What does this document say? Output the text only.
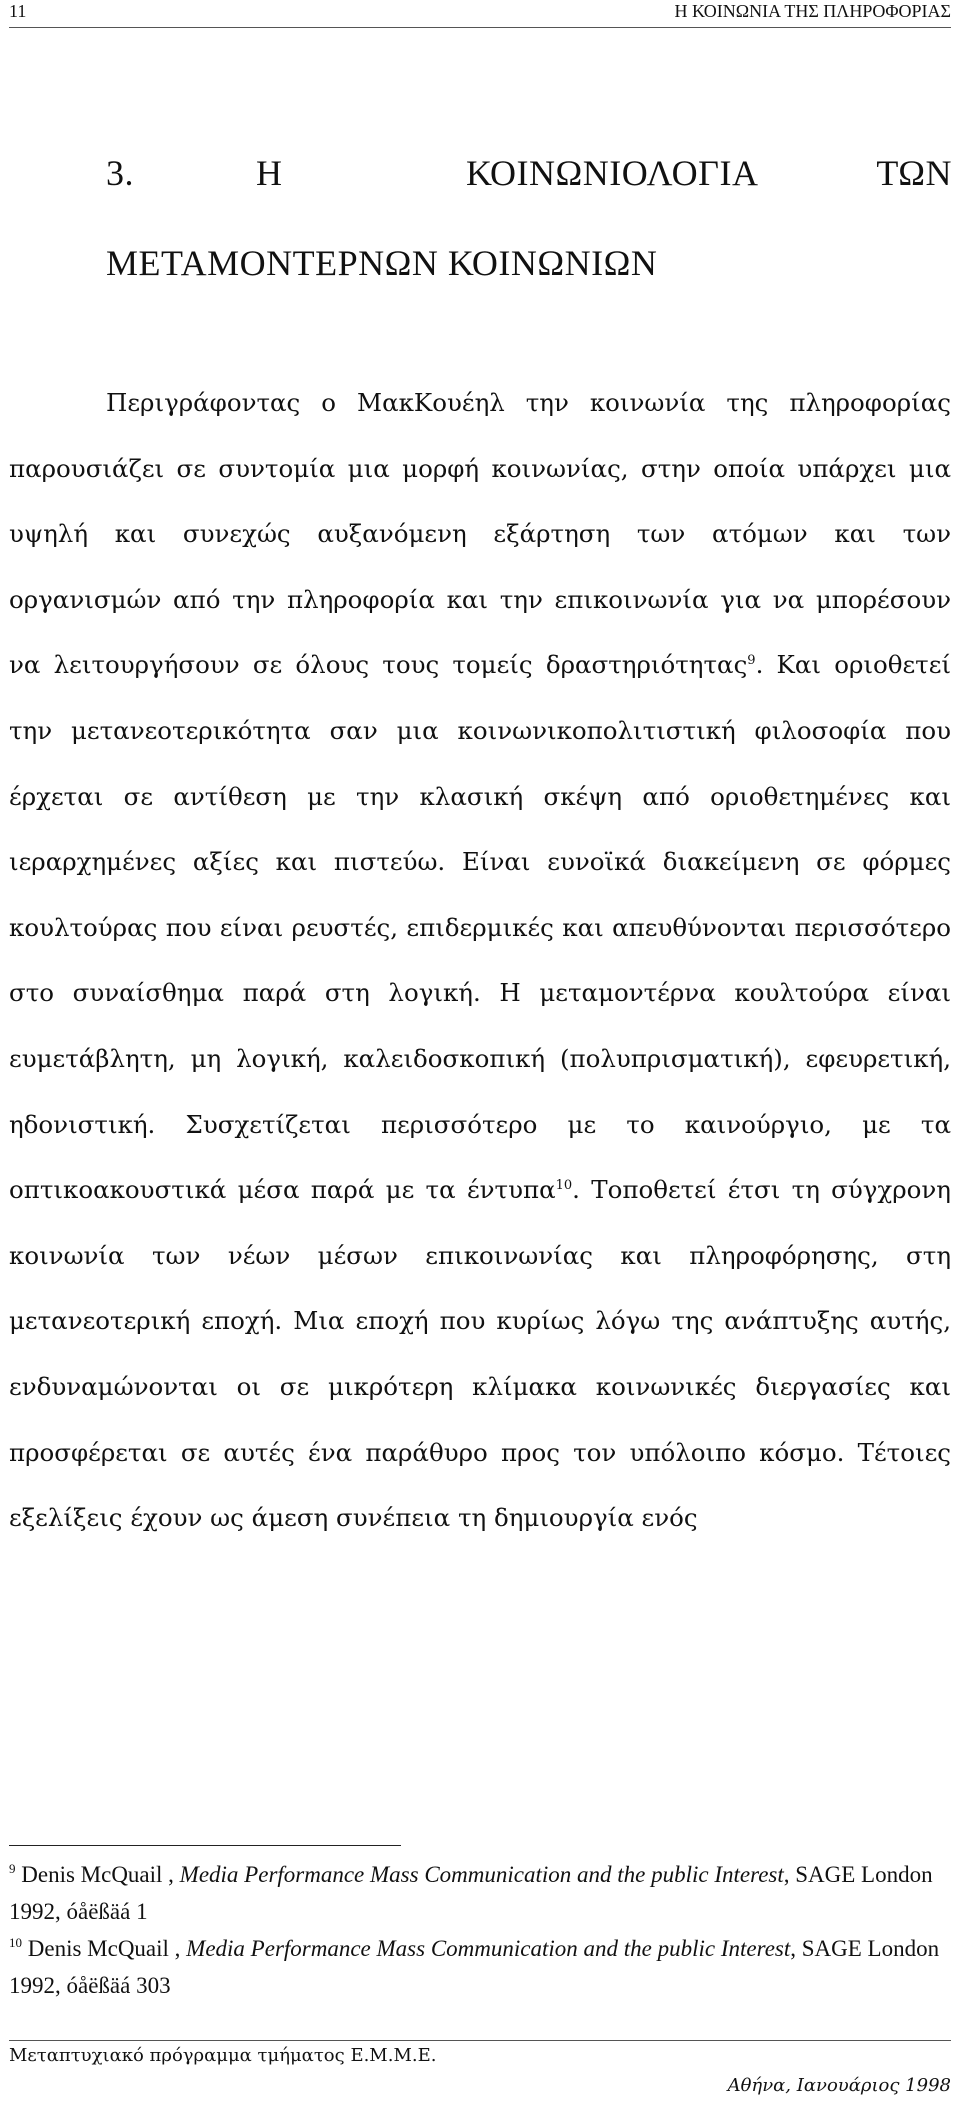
11	Η ΚΟΙΝΩΝΙΑ ΤΗΣ ΠΛΗΡΟΦΟΡΙΑΣ
3.	Η	ΚΟΙΝΩΝΙΟΛΟΓΙΑ	ΤΩΝ
ΜΕΤΑΜΟΝΤΕΡΝΩΝ ΚΟΙΝΩΝΙΩΝ

Περιγράφοντας ο ΜακΚουέηλ την κοινωνία της πληροφορίας παρουσιάζει σε συντομία μια μορφή κοινωνίας, στην οποία υπάρχει μια υψηλή και συνεχώς αυξανόμενη εξάρτηση των ατόμων και των οργανισμών από την πληροφορία και την επικοινωνία για να μπορέσουν να λειτουργήσουν σε όλους τους τομείς δραστηριότητας$^9$. Και οριοθετεί την μετανεοτερικότητα σαν μια κοινωνικοπολιτιστική φιλοσοφία που έρχεται σε αντίθεση με την κλασική σκέψη από οριοθετημένες και ιεραρχημένες αξίες και πιστεύω. Είναι ευνοϊκά διακείμενη σε φόρμες κουλτούρας που είναι ρευστές, επιδερμικές και απευθύνονται περισσότερο στο συναίσθημα παρά στη λογική. Η μεταμοντέρνα κουλτούρα είναι ευμετάβλητη, μη λογική, καλειδοσκοπική (πολυπρισματική), εφευρετική, ηδονιστική. Συσχετίζεται περισσότερο με το καινούργιο, με τα οπτικοακουστικά μέσα παρά με τα έντυπα$^{10}$. Τοποθετεί έτσι τη σύγχρονη κοινωνία των νέων μέσων επικοινωνίας και πληροφόρησης, στη μετανεοτερική εποχή. Μια εποχή που κυρίως λόγω της ανάπτυξης αυτής, ενδυναμώνονται οι σε μικρότερη κλίμακα κοινωνικές διεργασίες και προσφέρεται σε αυτές ένα παράθυρο προς τον υπόλοιπο κόσμο. Τέτοιες εξελίξεις έχουν ως άμεση συνέπεια τη δημιουργία ενός

$^9$ Denis McQuail , Media Performance Mass Communication and the public Interest, SAGE London 1992, óåëßäá 1
$^{10}$ Denis McQuail , Media Performance Mass Communication and the public Interest, SAGE London 1992, óåëßäá 303
Μεταπτυχιακό πρόγραμμα τμήματος Ε.Μ.Μ.Ε.
Αθήνα, Ιανουάριος 1998
